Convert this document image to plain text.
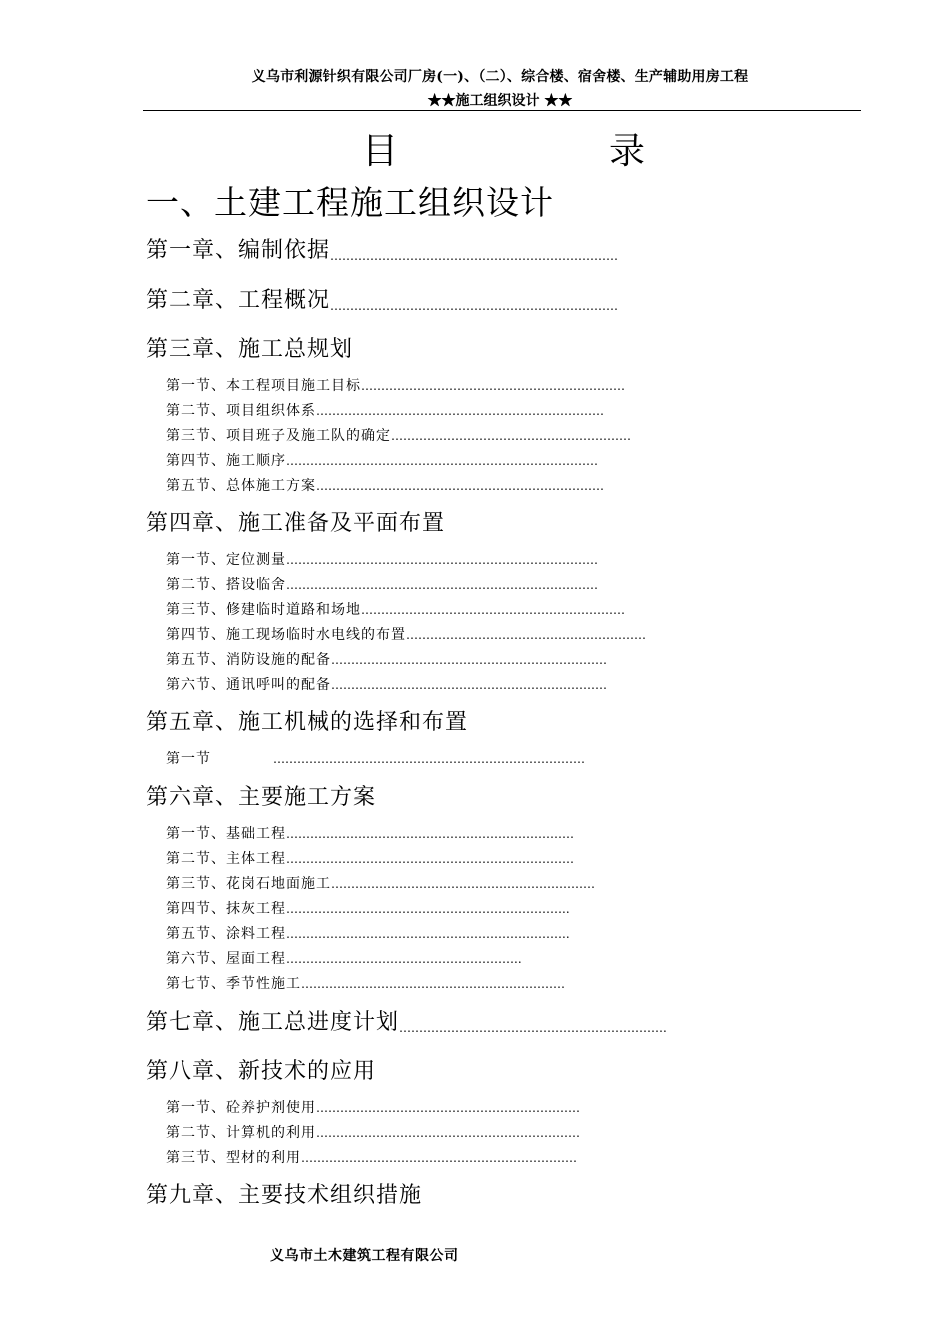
义乌市利源针织有限公司厂房(一)、（二）、综合楼、宿舍楼、生产辅助用房工程
★★施工组织设计 ★★
目	录
一、土建工程施工组织设计
第一章、编制依据………………………………………………………………
第二章、工程概况………………………………………………………………
第三章、施工总规划
第一节、本工程项目施工目标…………………………………………………………
第二节、项目组织体系………………………………………………………………
第三节、项目班子及施工队的确定……………………………………………………
第四节、施工顺序……………………………………………………………………
第五节、总体施工方案………………………………………………………………
第四章、施工准备及平面布置
第一节、定位测量……………………………………………………………………
第二节、搭设临舍……………………………………………………………………
第三节、修建临时道路和场地…………………………………………………………
第四节、施工现场临时水电线的布置……………………………………………………
第五节、消防设施的配备……………………………………………………………
第六节、通讯呼叫的配备……………………………………………………………
第五章、施工机械的选择和布置
第一节	……………………………………………………………………
第六章、主要施工方案
第一节、基础工程………………………………………………………………
第二节、主体工程………………………………………………………………
第三节、花岗石地面施工…………………………………………………………
第四节、抹灰工程……………………………………………………………..
第五节、涂料工程……………………………………………………………..
第六节、屋面工程…………………………………………………..
第七节、季节性施工…………………………………………………………
第七章、施工总进度计划………………………………………………………….
第八章、新技术的应用
第一节、砼养护剂使用…………………………………………………………
第二节、计算机的利用…………………………………………………………
第三节、型材的利用……………………………………………………………
第九章、主要技术组织措施
义乌市土木建筑工程有限公司
